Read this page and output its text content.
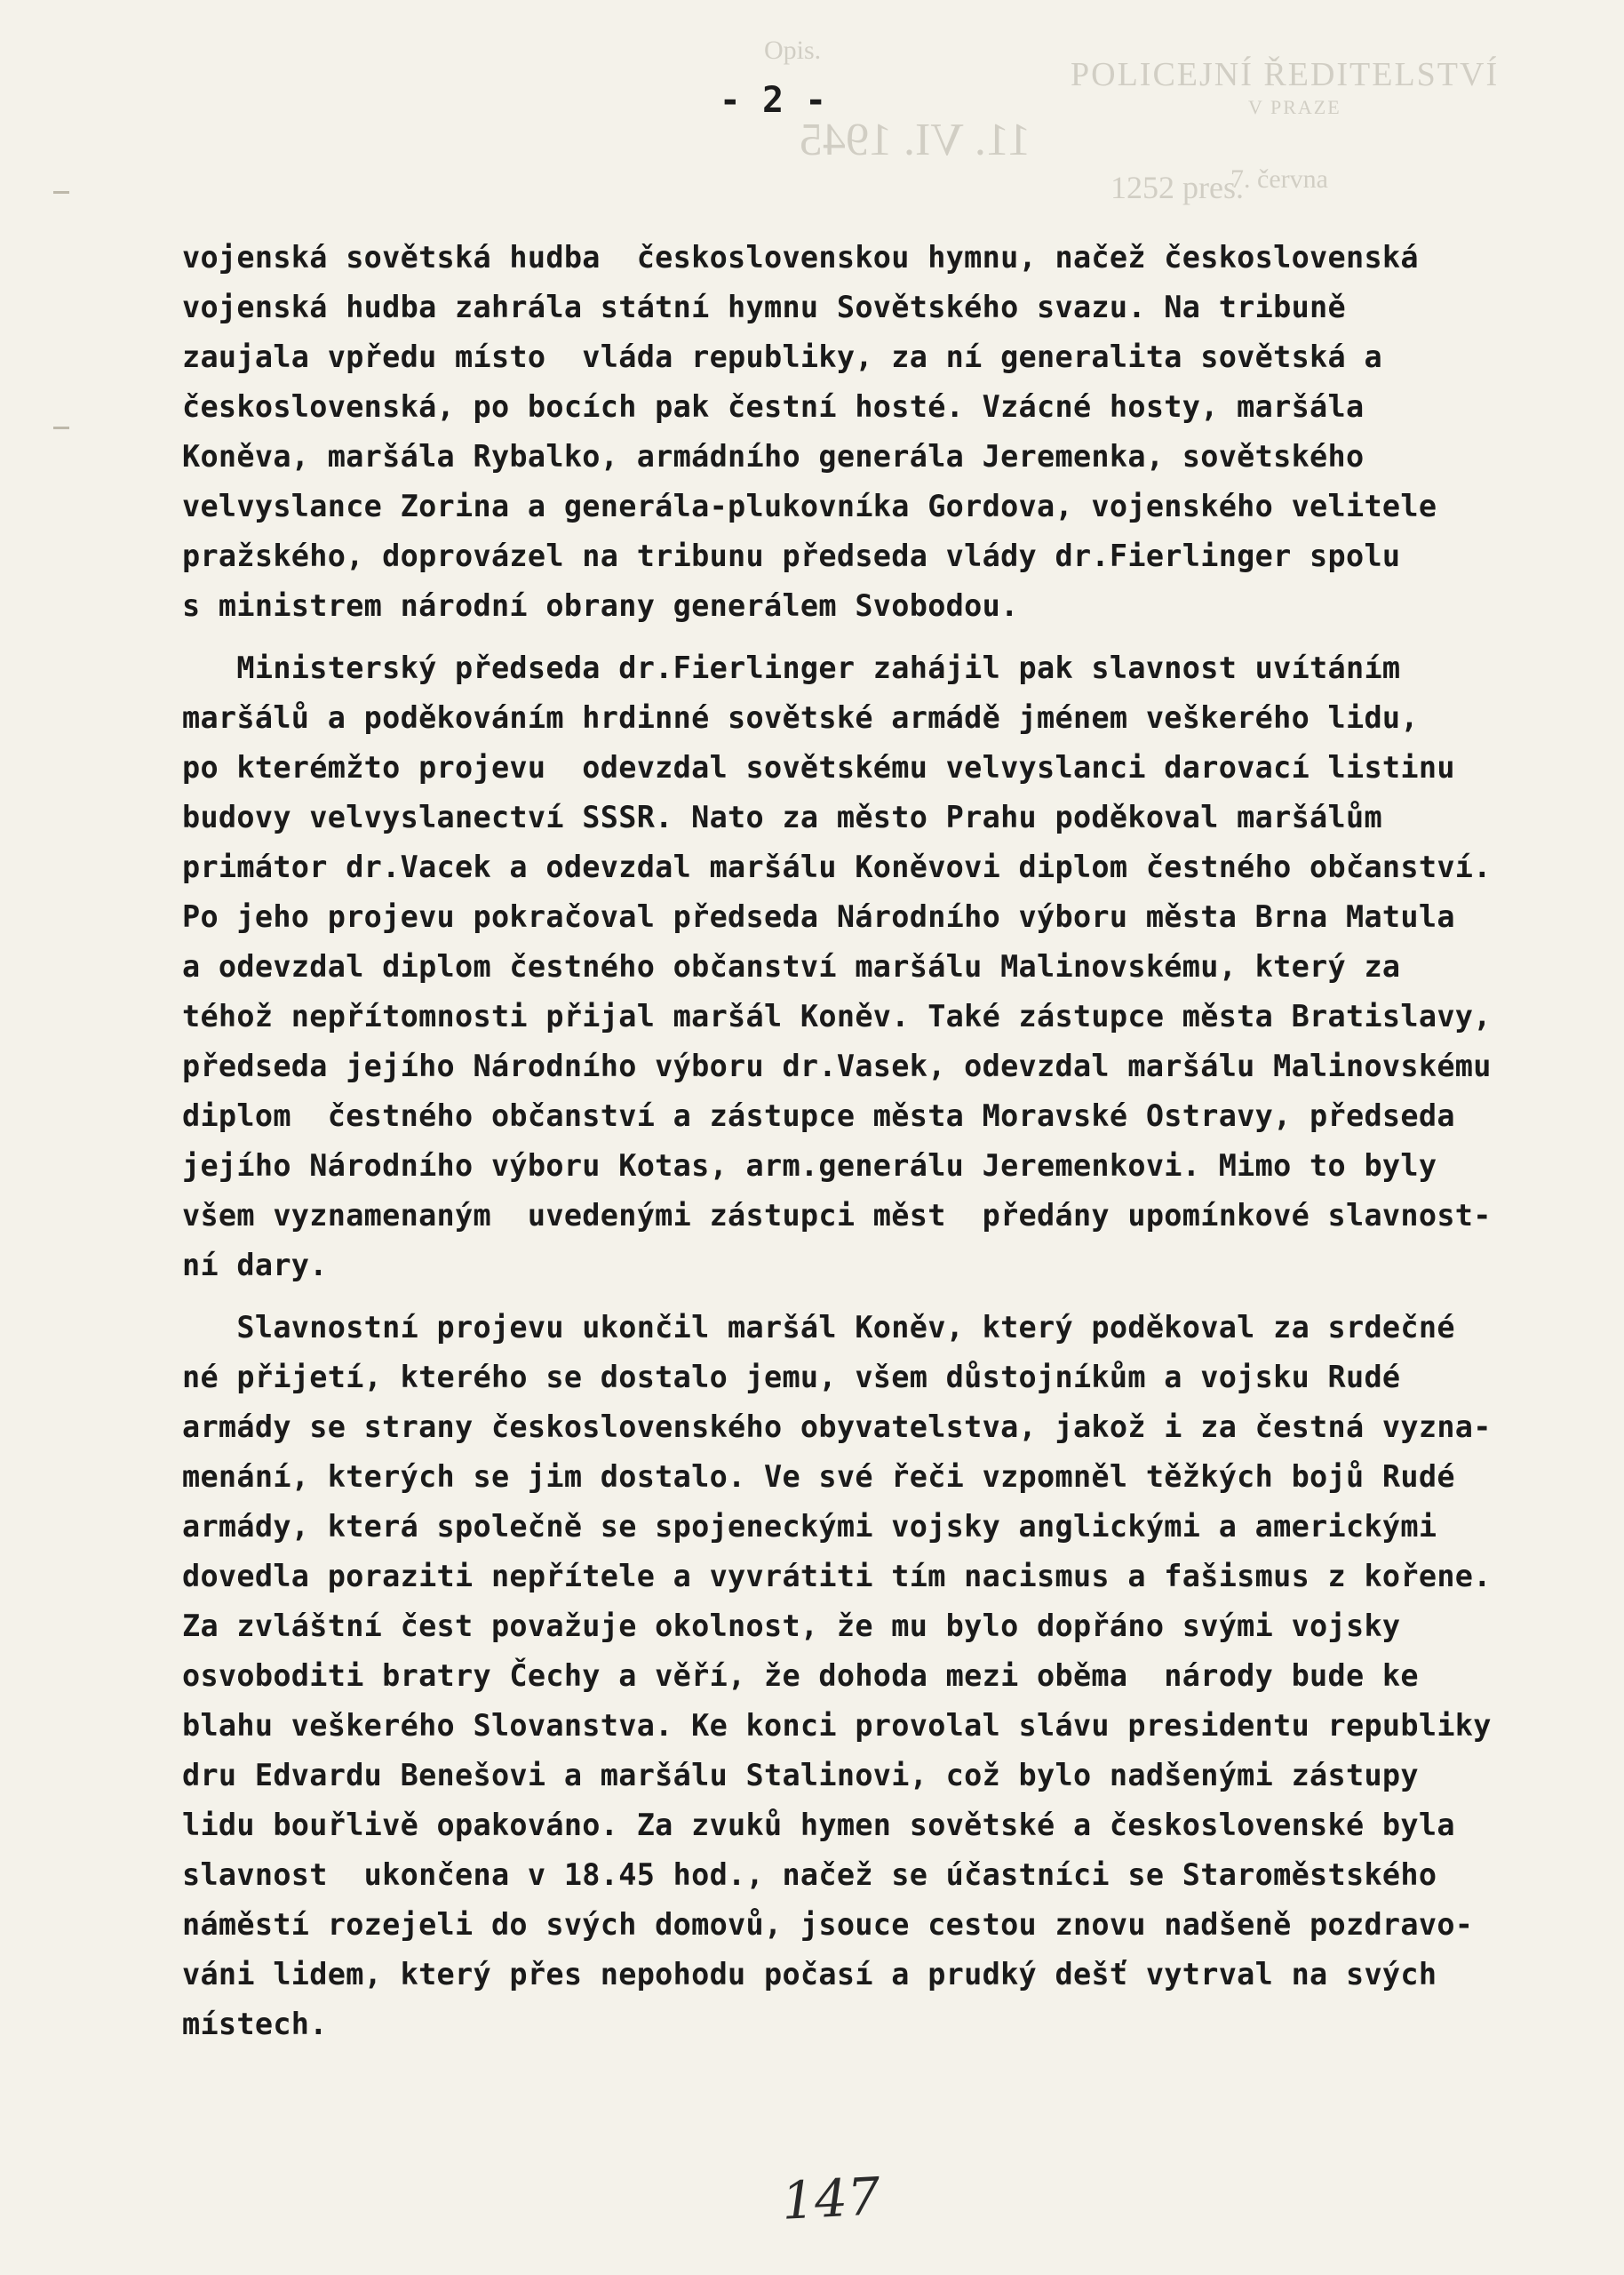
Opis.
POLICEJNÍ ŘEDITELSTVÍ
V PRAZE
11. VI. 1945
1252 pres.
7. června
- 2 -
vojenská sovětská hudba  československou hymnu, načež československá
vojenská hudba zahrála státní hymnu Sovětského svazu. Na tribuně
zaujala vpředu místo  vláda republiky, za ní generalita sovětská a
československá, po bocích pak čestní hosté. Vzácné hosty, maršála
Koněva, maršála Rybalko, armádního generála Jeremenka, sovětského
velvyslance Zorina a generála-plukovníka Gordova, vojenského velitele
pražského, doprovázel na tribunu předseda vlády dr.Fierlinger spolu
s ministrem národní obrany generálem Svobodou.
Ministerský předseda dr.Fierlinger zahájil pak slavnost uvítáním
maršálů a poděkováním hrdinné sovětské armádě jménem veškerého lidu,
po kterémžto projevu  odevzdal sovětskému velvyslanci darovací listinu
budovy velvyslanectví SSSR. Nato za město Prahu poděkoval maršálům
primátor dr.Vacek a odevzdal maršálu Koněvovi diplom čestného občanství.
Po jeho projevu pokračoval předseda Národního výboru města Brna Matula
a odevzdal diplom čestného občanství maršálu Malinovskému, který za
téhož nepřítomnosti přijal maršál Koněv. Také zástupce města Bratislavy,
předseda jejího Národního výboru dr.Vasek, odevzdal maršálu Malinovskému
diplom  čestného občanství a zástupce města Moravské Ostravy, předseda
jejího Národního výboru Kotas, arm.generálu Jeremenkovi. Mimo to byly
všem vyznamenaným  uvedenými zástupci měst  předány upomínkové slavnost-
ní dary.
Slavnostní projevu ukončil maršál Koněv, který poděkoval za srdečné
né přijetí, kterého se dostalo jemu, všem důstojníkům a vojsku Rudé
armády se strany československého obyvatelstva, jakož i za čestná vyzna-
menání, kterých se jim dostalo. Ve své řeči vzpomněl těžkých bojů Rudé
armády, která společně se spojeneckými vojsky anglickými a americkými
dovedla poraziti nepřítele a vyvrátiti tím nacismus a fašismus z kořene.
Za zvláštní čest považuje okolnost, že mu bylo dopřáno svými vojsky
osvoboditi bratry Čechy a věří, že dohoda mezi oběma  národy bude ke
blahu veškerého Slovanstva. Ke konci provolal slávu presidentu republiky
dru Edvardu Benešovi a maršálu Stalinovi, což bylo nadšenými zástupy
lidu bouřlivě opakováno. Za zvuků hymen sovětské a československé byla
slavnost  ukončena v 18.45 hod., načež se účastníci se Staroměstského
náměstí rozejeli do svých domovů, jsouce cestou znovu nadšeně pozdravo-
váni lidem, který přes nepohodu počasí a prudký dešť vytrval na svých
místech.
147
